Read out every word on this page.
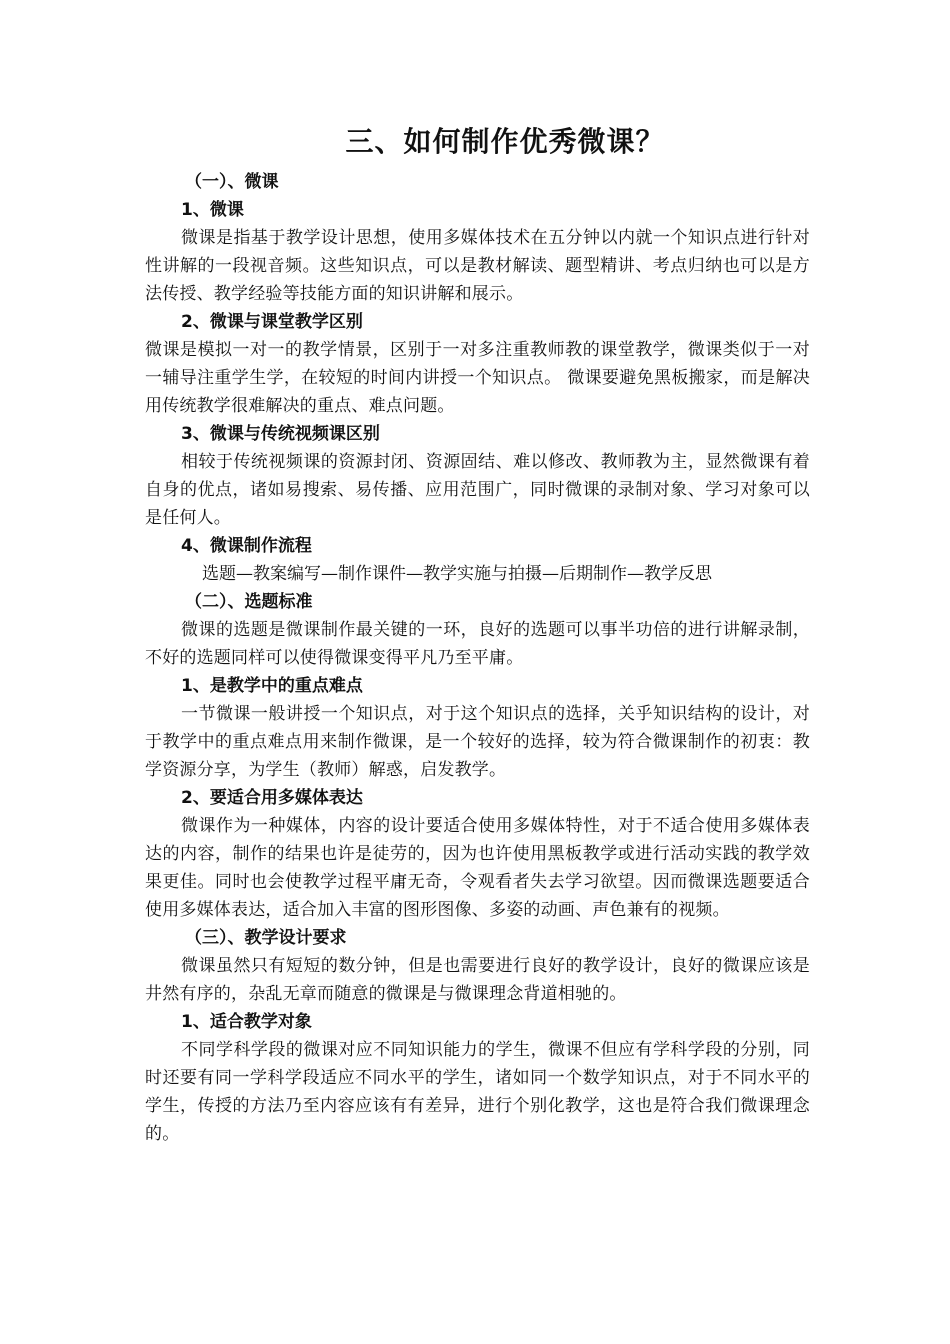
三、如何制作优秀微课？
（一）、微课
1、微课
微课是指基于教学设计思想，使用多媒体技术在五分钟以内就一个知识点进行针对性讲解的一段视音频。这些知识点，可以是教材解读、题型精讲、考点归纳也可以是方法传授、教学经验等技能方面的知识讲解和展示。
2、微课与课堂教学区别
微课是模拟一对一的教学情景，区别于一对多注重教师教的课堂教学，微课类似于一对一辅导注重学生学，在较短的时间内讲授一个知识点。 微课要避免黑板搬家，而是解决用传统教学很难解决的重点、难点问题。
3、微课与传统视频课区别
相较于传统视频课的资源封闭、资源固结、难以修改、教师教为主，显然微课有着自身的优点，诸如易搜索、易传播、应用范围广，同时微课的录制对象、学习对象可以是任何人。
4、微课制作流程
选题—教案编写—制作课件—教学实施与拍摄—后期制作—教学反思
（二）、选题标准
微课的选题是微课制作最关键的一环，良好的选题可以事半功倍的进行讲解录制，不好的选题同样可以使得微课变得平凡乃至平庸。
1、是教学中的重点难点
一节微课一般讲授一个知识点，对于这个知识点的选择，关乎知识结构的设计，对于教学中的重点难点用来制作微课，是一个较好的选择，较为符合微课制作的初衷：教学资源分享，为学生（教师）解惑，启发教学。
2、要适合用多媒体表达
微课作为一种媒体，内容的设计要适合使用多媒体特性，对于不适合使用多媒体表达的内容，制作的结果也许是徒劳的，因为也许使用黑板教学或进行活动实践的教学效果更佳。同时也会使教学过程平庸无奇，令观看者失去学习欲望。因而微课选题要适合使用多媒体表达，适合加入丰富的图形图像、多姿的动画、声色兼有的视频。
（三）、教学设计要求
微课虽然只有短短的数分钟，但是也需要进行良好的教学设计，良好的微课应该是井然有序的，杂乱无章而随意的微课是与微课理念背道相驰的。
1、适合教学对象
不同学科学段的微课对应不同知识能力的学生，微课不但应有学科学段的分别，同时还要有同一学科学段适应不同水平的学生，诸如同一个数学知识点，对于不同水平的学生，传授的方法乃至内容应该有有差异，进行个别化教学，这也是符合我们微课理念的。
